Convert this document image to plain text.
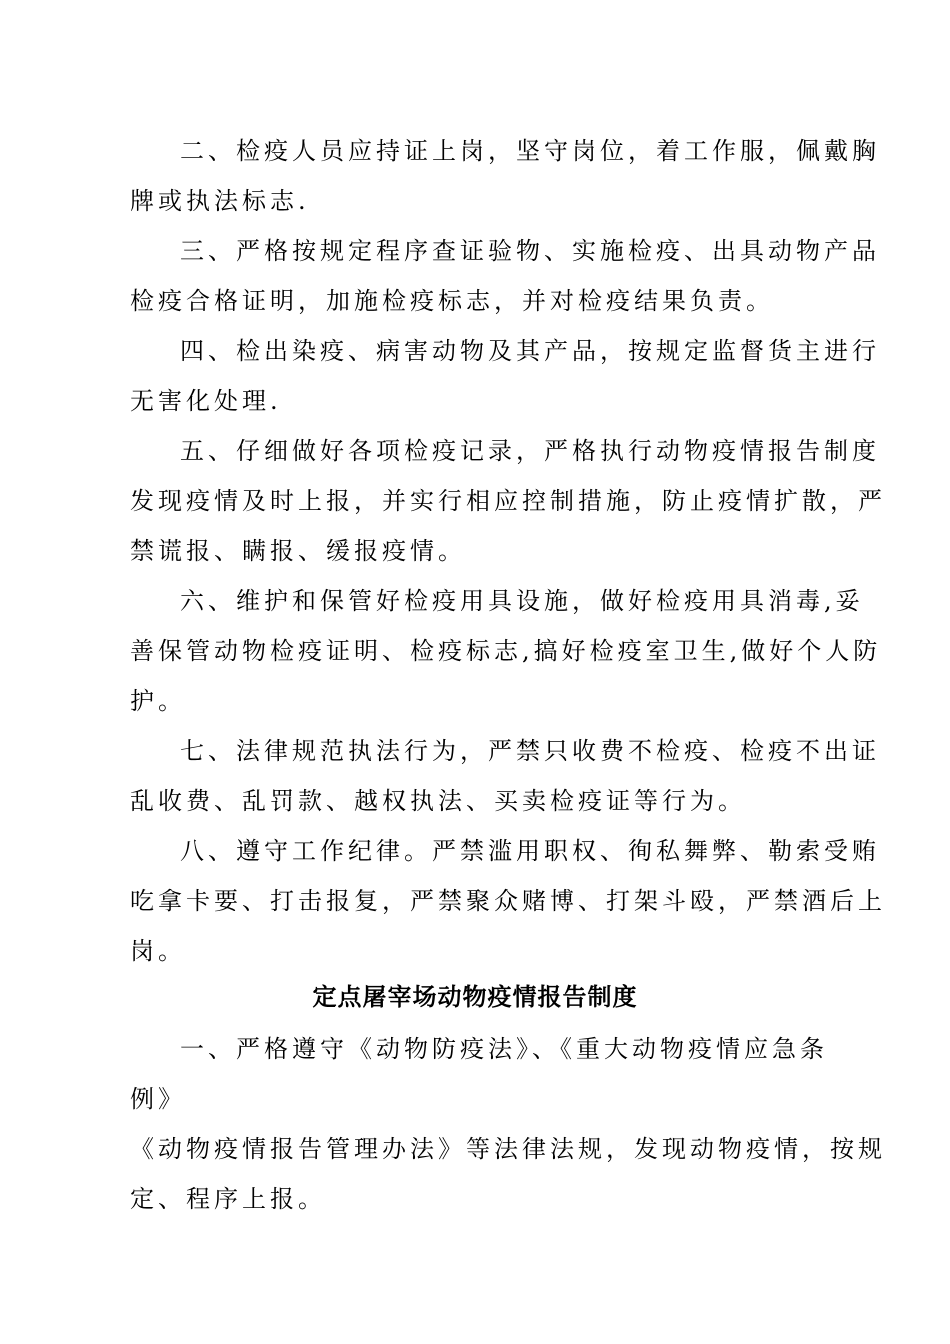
二、检疫人员应持证上岗，坚守岗位，着工作服，佩戴胸
牌或执法标志.
三、严格按规定程序查证验物、实施检疫、出具动物产品
检疫合格证明，加施检疫标志，并对检疫结果负责。
四、检出染疫、病害动物及其产品，按规定监督货主进行
无害化处理.
五、仔细做好各项检疫记录，严格执行动物疫情报告制度
发现疫情及时上报，并实行相应控制措施，防止疫情扩散，严
禁谎报、瞒报、缓报疫情。
六、维护和保管好检疫用具设施，做好检疫用具消毒,妥
善保管动物检疫证明、检疫标志,搞好检疫室卫生,做好个人防
护。
七、法律规范执法行为，严禁只收费不检疫、检疫不出证
乱收费、乱罚款、越权执法、买卖检疫证等行为。
八、遵守工作纪律。严禁滥用职权、徇私舞弊、勒索受贿
吃拿卡要、打击报复，严禁聚众赌博、打架斗殴，严禁酒后上
岗。
定点屠宰场动物疫情报告制度
一、严格遵守《动物防疫法》、《重大动物疫情应急条
例》
《动物疫情报告管理办法》等法律法规，发现动物疫情，按规
定、程序上报。
